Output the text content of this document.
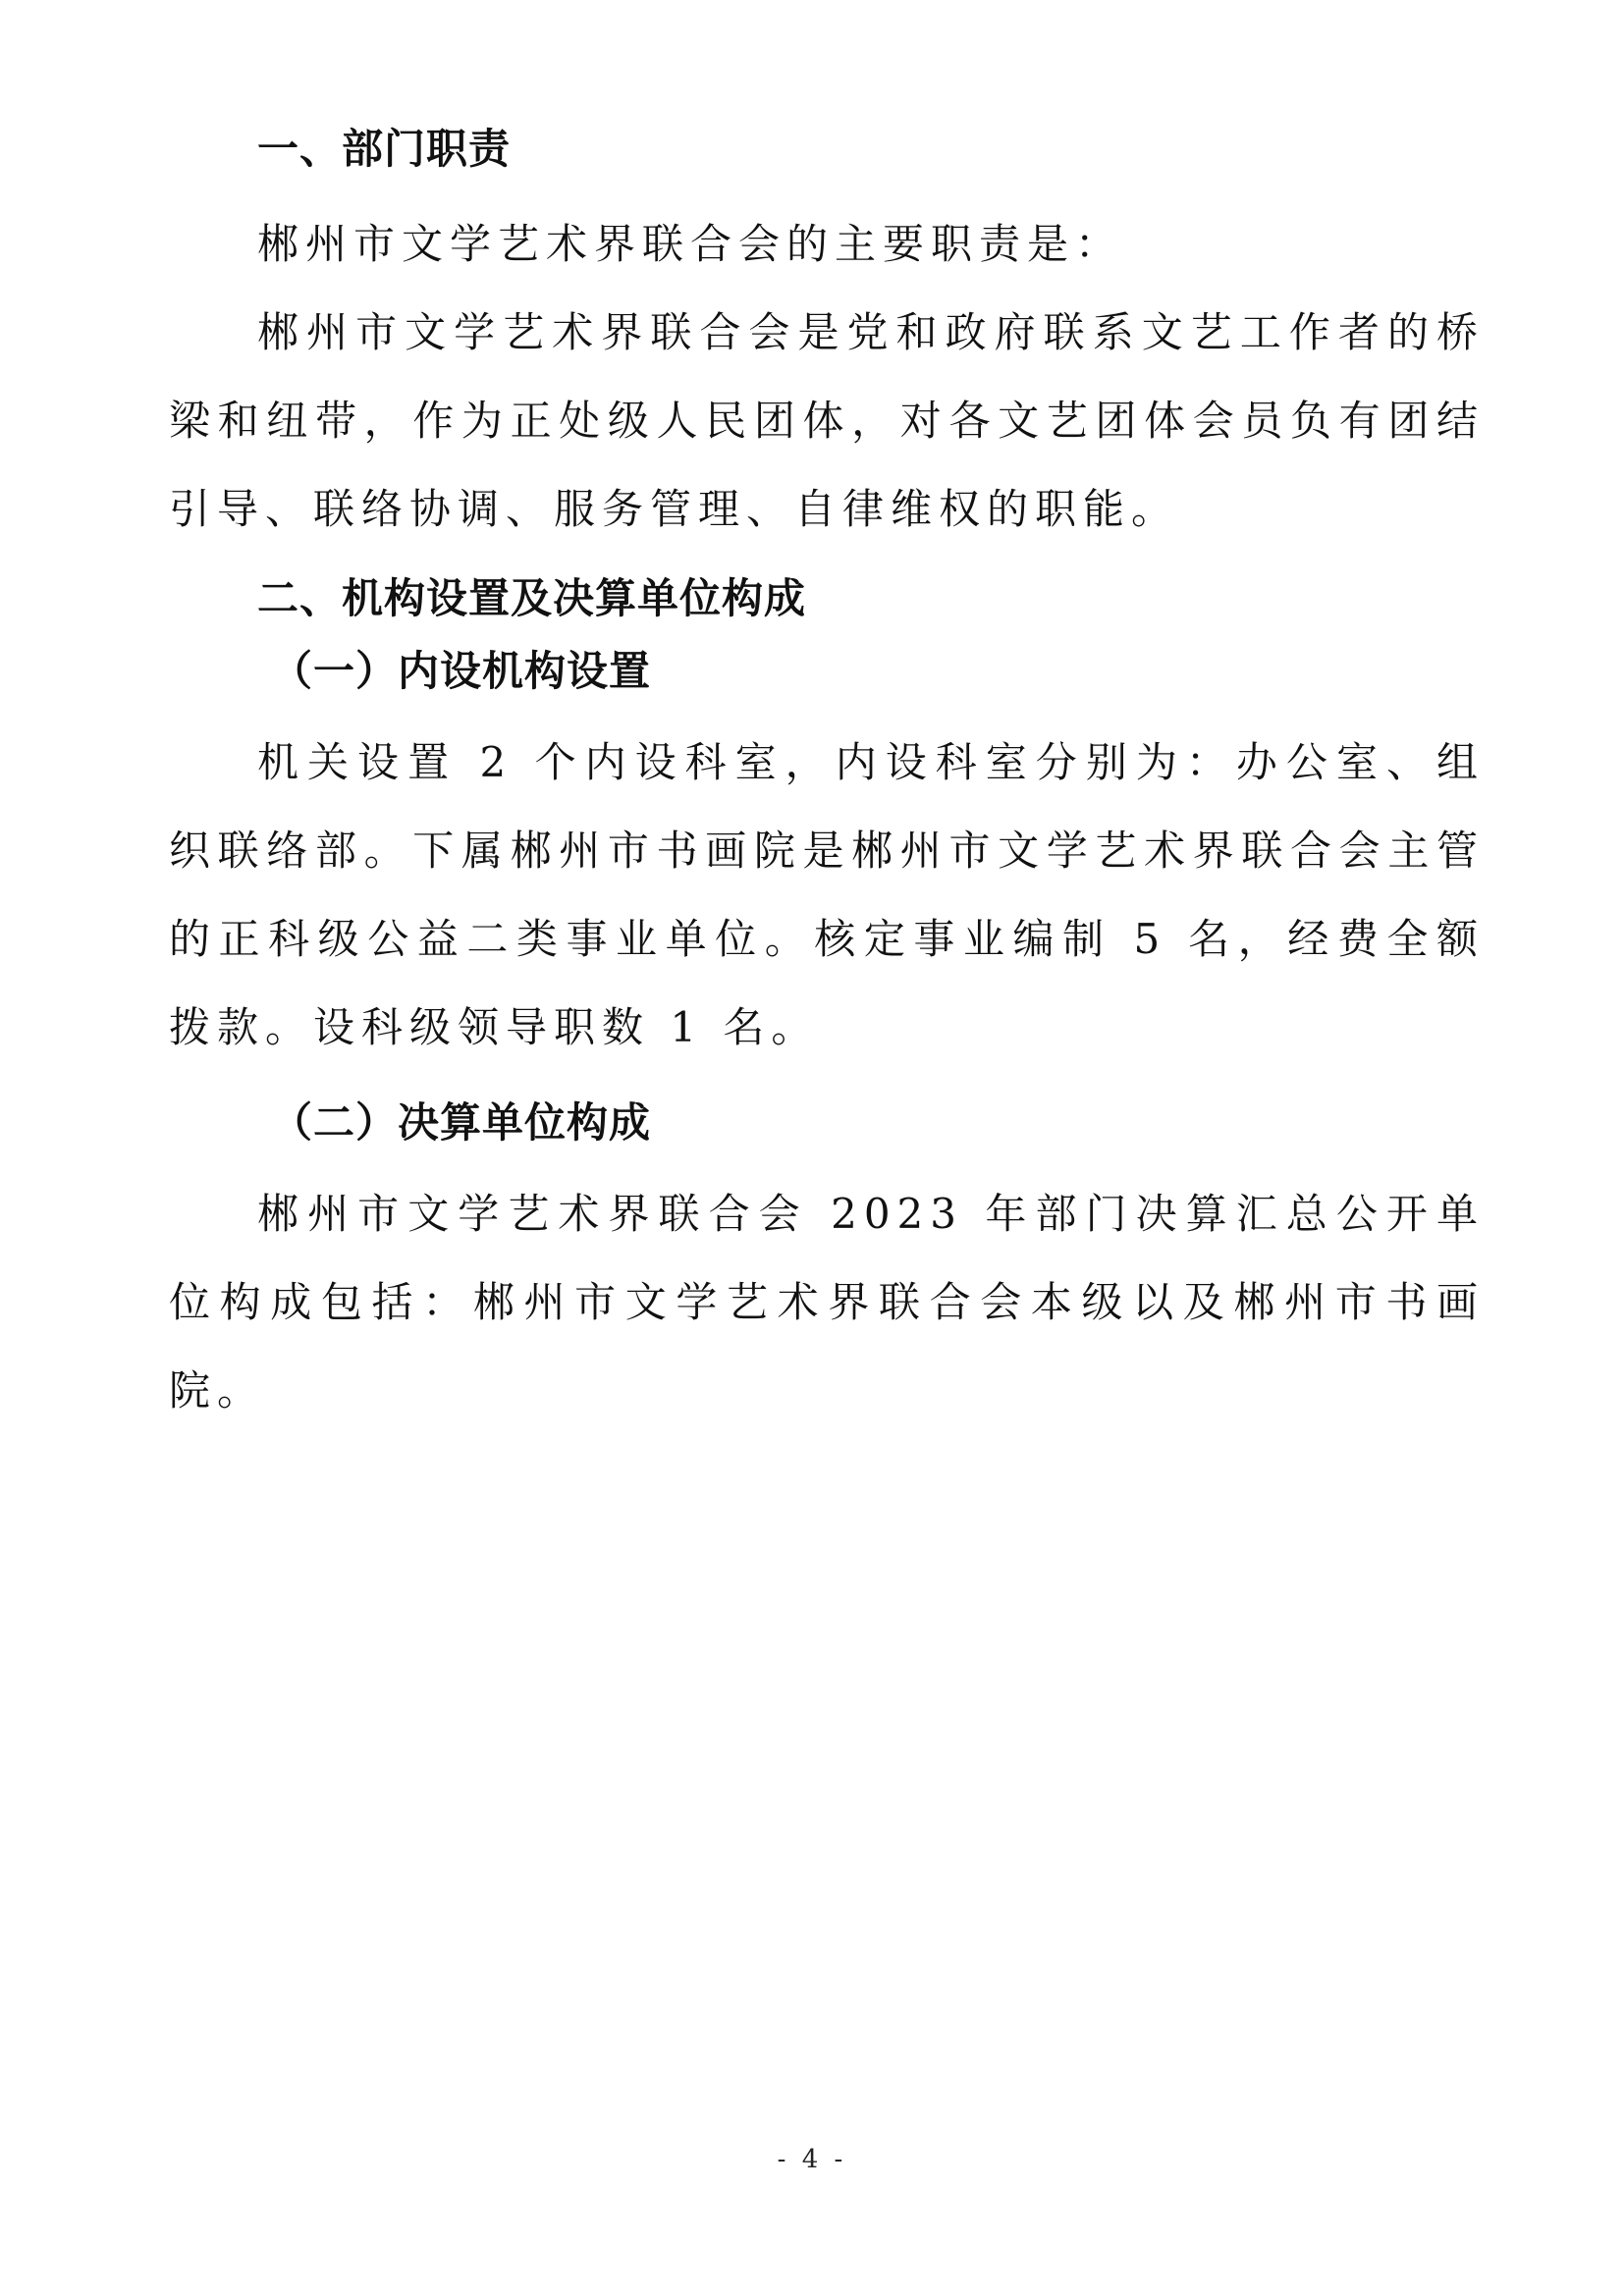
一、部门职责

郴州市文学艺术界联合会的主要职责是：

郴州市文学艺术界联合会是党和政府联系文艺工作者的桥梁和纽带，作为正处级人民团体，对各文艺团体会员负有团结引导、联络协调、服务管理、自律维权的职能。

二、机构设置及决算单位构成
（一）内设机构设置

机关设置 2 个内设科室，内设科室分别为：办公室、组织联络部。下属郴州市书画院是郴州市文学艺术界联合会主管的正科级公益二类事业单位。核定事业编制 5 名，经费全额拨款。设科级领导职数 1 名。

（二）决算单位构成

郴州市文学艺术界联合会 2023 年部门决算汇总公开单位构成包括：郴州市文学艺术界联合会本级以及郴州市书画院。

- 4 -
